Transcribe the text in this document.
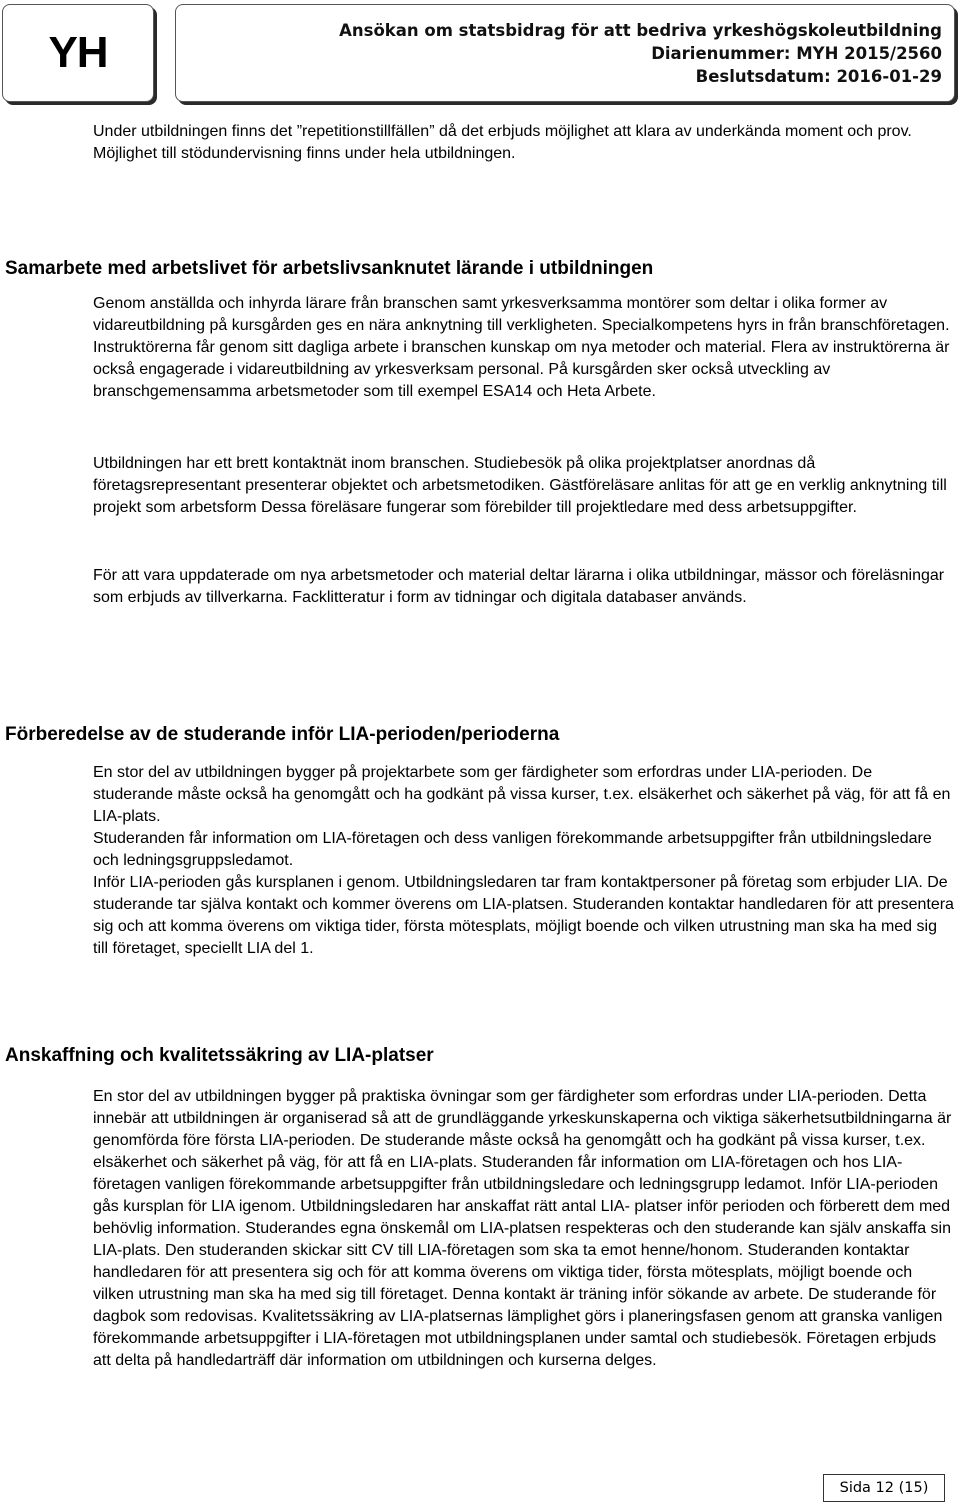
YH	Ansökan om statsbidrag för att bedriva yrkeshögskoleutbildning
Diarienummer: MYH 2015/2560
Beslutsdatum: 2016-01-29

Under utbildningen finns det ”repetitionstillfällen” då det erbjuds möjlighet att klara av underkända moment och prov. Möjlighet till stödundervisning finns under hela utbildningen.

Samarbete med arbetslivet för arbetslivsanknutet lärande i utbildningen

Genom anställda och inhyrda lärare från branschen samt yrkesverksamma montörer som deltar i olika former av vidareutbildning på kursgården ges en nära anknytning till verkligheten. Specialkompetens hyrs in från branschföretagen. Instruktörerna får genom sitt dagliga arbete i branschen kunskap om nya metoder och material. Flera av instruktörerna är också engagerade i vidareutbildning av yrkesverksam personal. På kursgården sker också utveckling av branschgemensamma arbetsmetoder som till exempel ESA14 och Heta Arbete.

Utbildningen har ett brett kontaktnät inom branschen. Studiebesök på olika projektplatser anordnas då företagsrepresentant presenterar objektet och arbetsmetodiken. Gästföreläsare anlitas för att ge en verklig anknytning till projekt som arbetsform Dessa föreläsare fungerar som förebilder till projektledare med dess arbetsuppgifter.

För att vara uppdaterade om nya arbetsmetoder och material deltar lärarna i olika utbildningar, mässor och föreläsningar som erbjuds av tillverkarna. Facklitteratur i form av tidningar och digitala databaser används.

Förberedelse av de studerande inför LIA-perioden/perioderna

En stor del av utbildningen bygger på projektarbete som ger färdigheter som erfordras under LIA-perioden. De studerande måste också ha genomgått och ha godkänt på vissa kurser, t.ex. elsäkerhet och säkerhet på väg, för att få en LIA-plats.
Studeranden får information om LIA-företagen och dess vanligen förekommande arbetsuppgifter från utbildningsledare och ledningsgruppsledamot.
Inför LIA-perioden gås kursplanen i genom. Utbildningsledaren tar fram kontaktpersoner på företag som erbjuder LIA. De studerande tar själva kontakt och kommer överens om LIA-platsen. Studeranden kontaktar handledaren för att presentera sig och att komma överens om viktiga tider, första mötesplats, möjligt boende och vilken utrustning man ska ha med sig till företaget, speciellt LIA del 1.

Anskaffning och kvalitetssäkring av LIA-platser

En stor del av utbildningen bygger på praktiska övningar som ger färdigheter som erfordras under LIA-perioden. Detta innebär att utbildningen är organiserad så att de grundläggande yrkeskunskaperna och viktiga säkerhetsutbildningarna är genomförda före första LIA-perioden. De studerande måste också ha genomgått och ha godkänt på vissa kurser, t.ex. elsäkerhet och säkerhet på väg, för att få en LIA-plats. Studeranden får information om LIA-företagen och hos LIA-företagen vanligen förekommande arbetsuppgifter från utbildningsledare och ledningsgrupp ledamot. Inför LIA-perioden gås kursplan för LIA igenom. Utbildningsledaren har anskaffat rätt antal LIA- platser inför perioden och förberett dem med behövlig information. Studerandes egna önskemål om LIA-platsen respekteras och den studerande kan själv anskaffa sin LIA-plats. Den studeranden skickar sitt CV till LIA-företagen som ska ta emot henne/honom. Studeranden kontaktar handledaren för att presentera sig och för att komma överens om viktiga tider, första mötesplats, möjligt boende och vilken utrustning man ska ha med sig till företaget. Denna kontakt är träning inför sökande av arbete. De studerande för dagbok som redovisas. Kvalitetssäkring av LIA-platsernas lämplighet görs i planeringsfasen genom att granska vanligen förekommande arbetsuppgifter i LIA-företagen mot utbildningsplanen under samtal och studiebesök. Företagen erbjuds att delta på handledarträff där information om utbildningen och kurserna delges.

Sida 12 (15)
